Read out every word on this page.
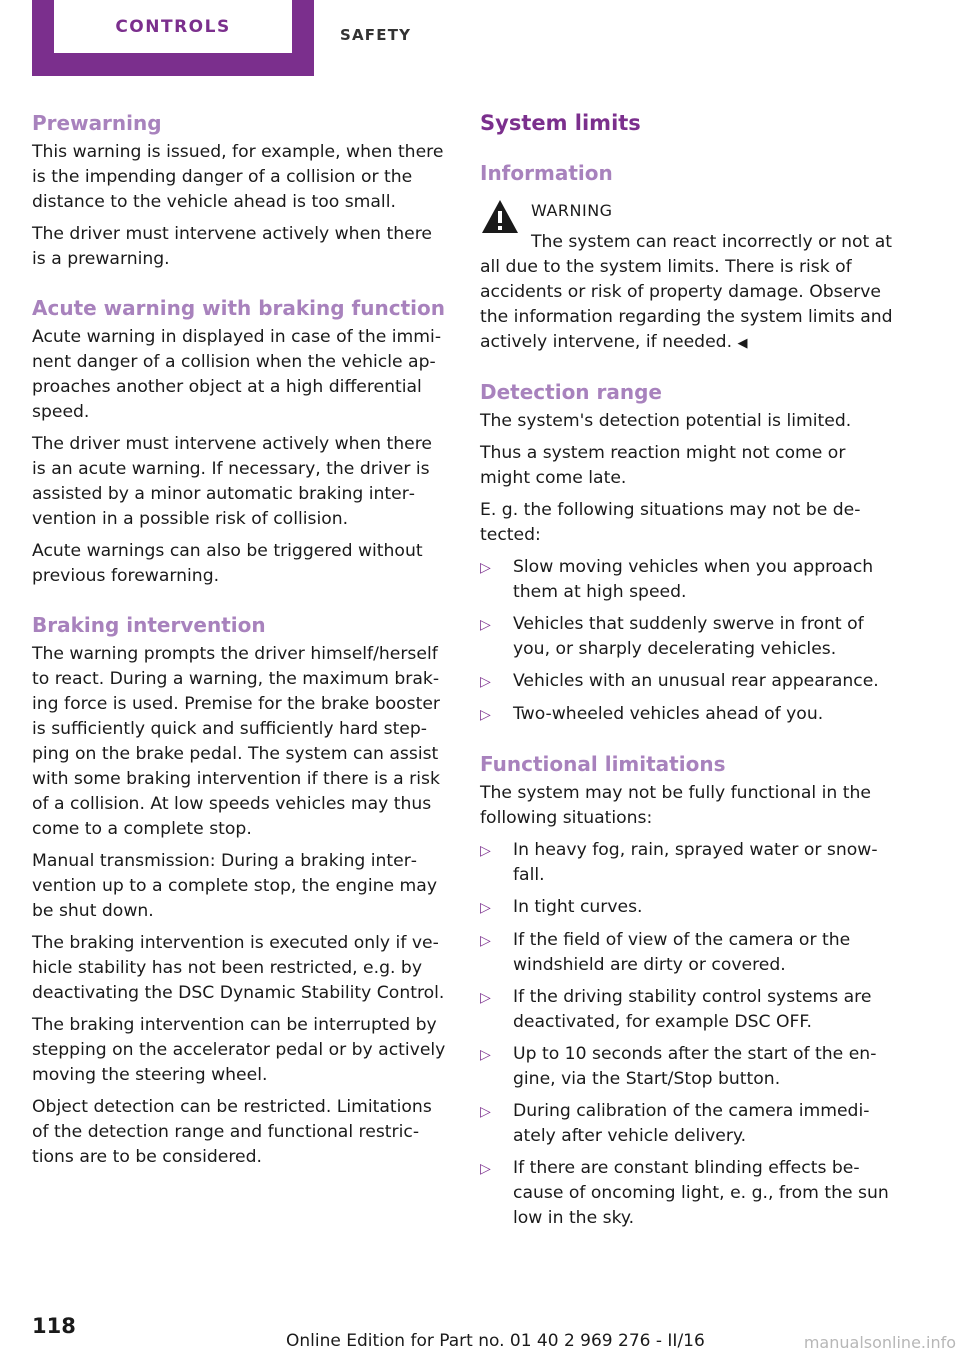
CONTROLS	SAFETY
Prewarning
This warning is issued, for example, when there is the impending danger of a collision or the distance to the vehicle ahead is too small.
The driver must intervene actively when there is a prewarning.
Acute warning with braking function
Acute warning in displayed in case of the imminent danger of a collision when the vehicle approaches another object at a high differential speed.
The driver must intervene actively when there is an acute warning. If necessary, the driver is assisted by a minor automatic braking intervention in a possible risk of collision.
Acute warnings can also be triggered without previous forewarning.
Braking intervention
The warning prompts the driver himself/herself to react. During a warning, the maximum braking force is used. Premise for the brake booster is sufficiently quick and sufficiently hard stepping on the brake pedal. The system can assist with some braking intervention if there is a risk of a collision. At low speeds vehicles may thus come to a complete stop.
Manual transmission: During a braking intervention up to a complete stop, the engine may be shut down.
The braking intervention is executed only if vehicle stability has not been restricted, e.g. by deactivating the DSC Dynamic Stability Control.
The braking intervention can be interrupted by stepping on the accelerator pedal or by actively moving the steering wheel.
Object detection can be restricted. Limitations of the detection range and functional restrictions are to be considered.
System limits
Information
WARNING
The system can react incorrectly or not at all due to the system limits. There is risk of accidents or risk of property damage. Observe the information regarding the system limits and actively intervene, if needed. ◀
Detection range
The system's detection potential is limited.
Thus a system reaction might not come or might come late.
E. g. the following situations may not be detected:
▷	Slow moving vehicles when you approach them at high speed.
▷	Vehicles that suddenly swerve in front of you, or sharply decelerating vehicles.
▷	Vehicles with an unusual rear appearance.
▷	Two-wheeled vehicles ahead of you.
Functional limitations
The system may not be fully functional in the following situations:
▷	In heavy fog, rain, sprayed water or snowfall.
▷	In tight curves.
▷	If the field of view of the camera or the windshield are dirty or covered.
▷	If the driving stability control systems are deactivated, for example DSC OFF.
▷	Up to 10 seconds after the start of the engine, via the Start/Stop button.
▷	During calibration of the camera immediately after vehicle delivery.
▷	If there are constant blinding effects because of oncoming light, e. g., from the sun low in the sky.
118
Online Edition for Part no. 01 40 2 969 276 - II/16	manualsonline.info
